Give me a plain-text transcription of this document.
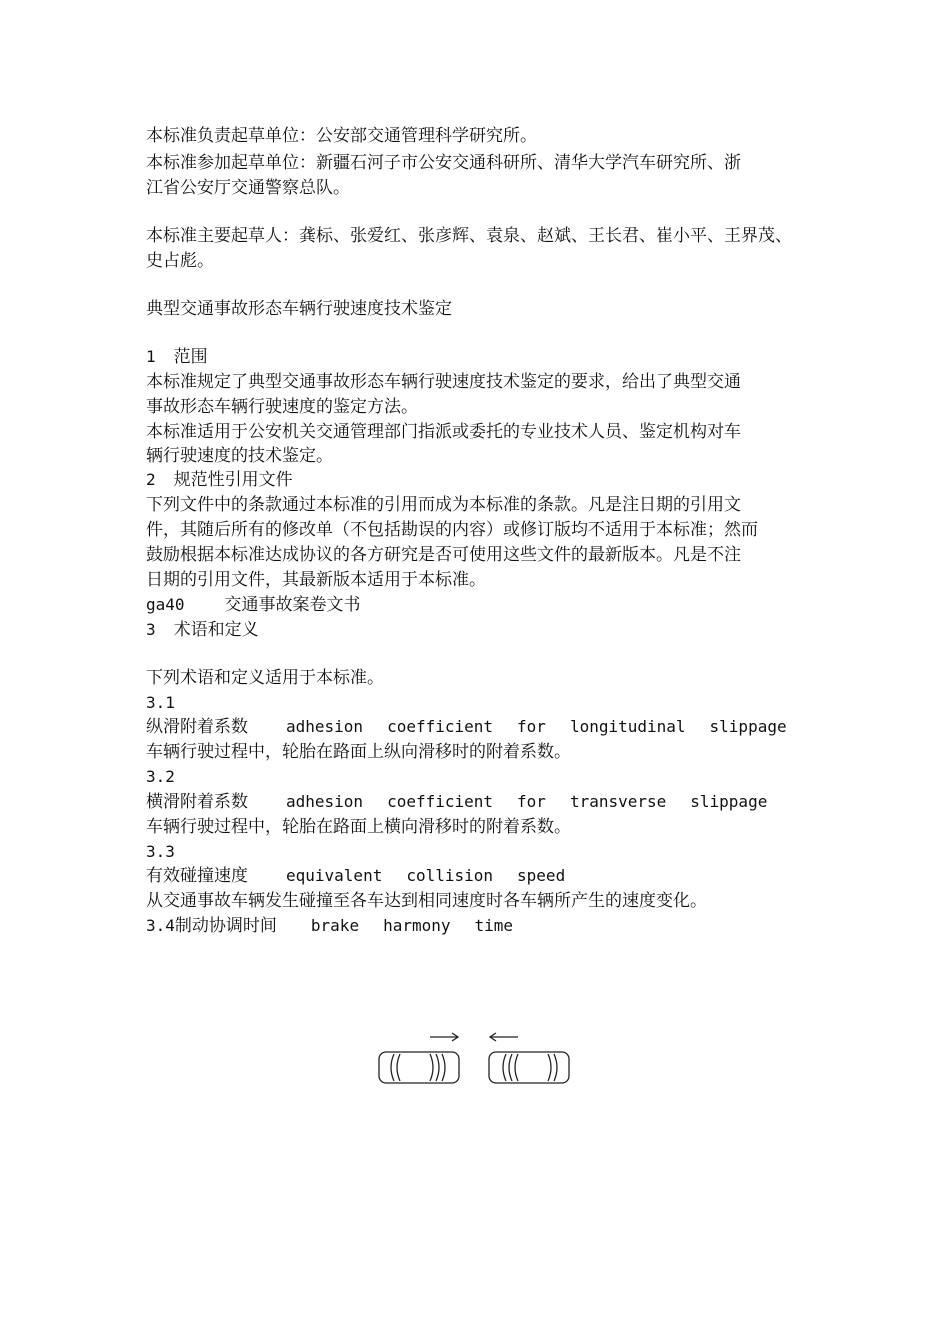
本标准负责起草单位：公安部交通管理科学研究所。
本标准参加起草单位：新疆石河子市公安交通科研所、清华大学汽车研究所、浙
江省公安厅交通警察总队。
本标准主要起草人：龚标、张爱红、张彦辉、袁泉、赵斌、王长君、崔小平、王界茂、
史占彪。
典型交通事故形态车辆行驶速度技术鉴定
1 范围
本标准规定了典型交通事故形态车辆行驶速度技术鉴定的要求，给出了典型交通
事故形态车辆行驶速度的鉴定方法。
本标准适用于公安机关交通管理部门指派或委托的专业技术人员、鉴定机构对车
辆行驶速度的技术鉴定。
2 规范性引用文件
下列文件中的条款通过本标准的引用而成为本标准的条款。凡是注日期的引用文
件，其随后所有的修改单（不包括勘误的内容）或修订版均不适用于本标准；然而
鼓励根据本标准达成协议的各方研究是否可使用这些文件的最新版本。凡是不注
日期的引用文件，其最新版本适用于本标准。
ga40 交通事故案卷文书
3 术语和定义
下列术语和定义适用于本标准。
3.1
纵滑附着系数 adhesion coefficient for longitudinal slippage
车辆行驶过程中，轮胎在路面上纵向滑移时的附着系数。
3.2
横滑附着系数 adhesion coefficient for transverse slippage
车辆行驶过程中，轮胎在路面上横向滑移时的附着系数。
3.3
有效碰撞速度 equivalent collision speed
从交通事故车辆发生碰撞至各车达到相同速度时各车辆所产生的速度变化。
3.4制动协调时间 brake harmony time
